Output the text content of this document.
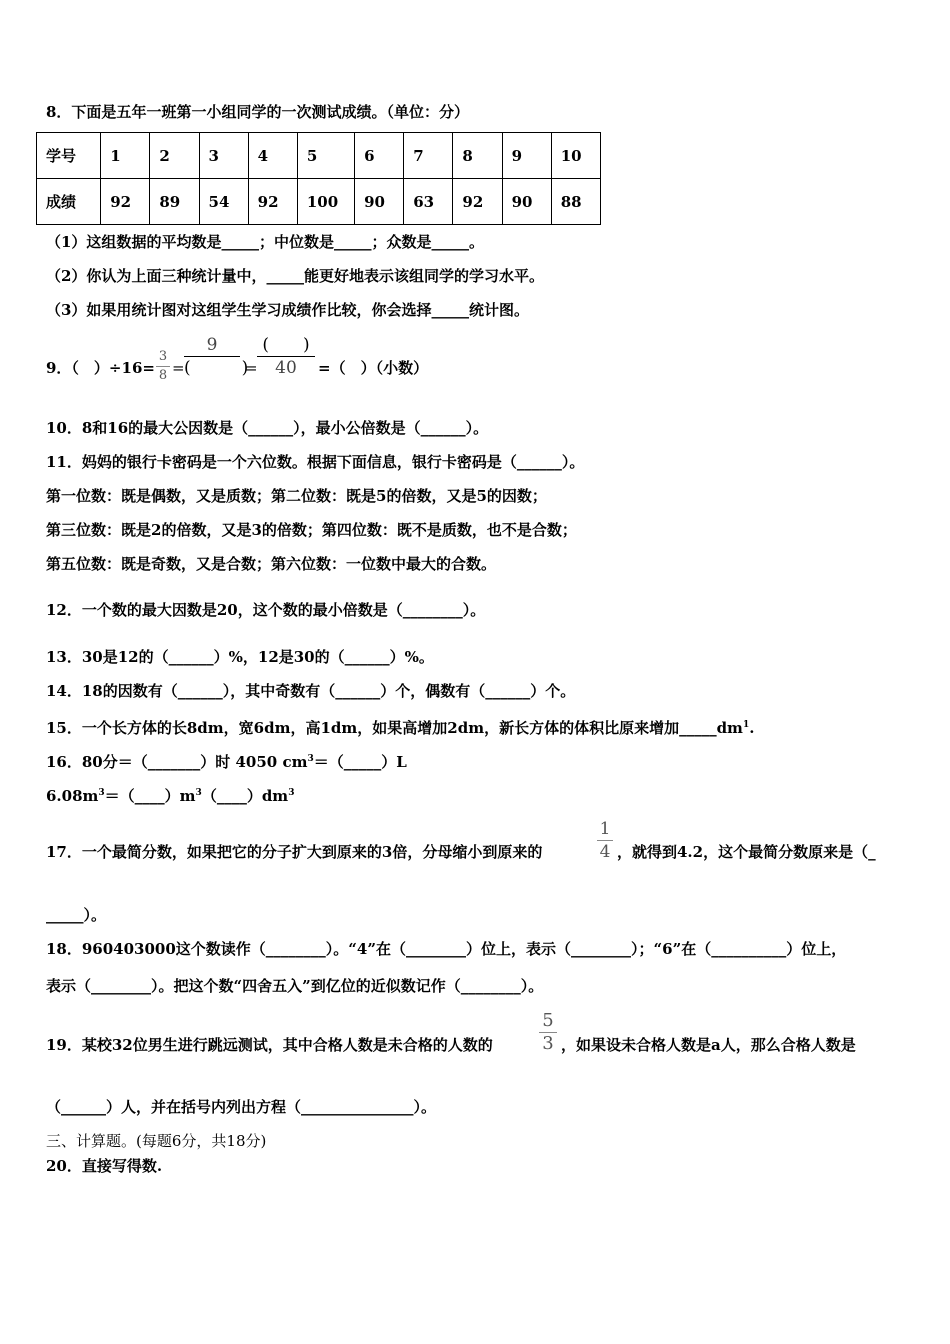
8．下面是五年一班第一小组同学的一次测试成绩。（单位：分）
学号	1	2	3	4	5	6	7	8	9	10
成绩	92	89	54	92	100	90	63	92	90	88
（1）这组数据的平均数是_____；中位数是_____；众数是_____。
（2）你认为上面三种统计量中，_____能更好地表示该组同学的学习水平。
（3）如果用统计图对这组学生学习成绩作比较，你会选择_____统计图。
9．（　）÷16=
3
8 =
9
(　　　)
=
(　　)
40	=（　）（小数）
10．8和16的最大公因数是（______），最小公倍数是（______）。
11．妈妈的银行卡密码是一个六位数。根据下面信息，银行卡密码是（______）。
第一位数：既是偶数，又是质数；第二位数：既是5的倍数，又是5的因数；
第三位数：既是2的倍数，又是3的倍数；第四位数：既不是质数，也不是合数；
第五位数：既是奇数，又是合数；第六位数：一位数中最大的合数。
12．一个数的最大因数是20，这个数的最小倍数是（________）。
13．30是12的（______）%，12是30的（______）%。
14．18的因数有（______），其中奇数有（______）个，偶数有（______）个。
15．一个长方体的长8dm，宽6dm，高1dm，如果高增加2dm，新长方体的体积比原来增加$\_\_\_\_\_dm^1$.
16．80分＝（_______）时 4050 $cm^3=(\_\_\_\_\_)L$
$6.08m^3=(\_\_\_\_)m^3(\_\_\_\_)dm^3$
17．一个最简分数，如果把它的分子扩大到原来的3倍，分母缩小到原来的
1
4 ，就得到4.2，这个最简分数原来是（_
_____）。
18．960403000这个数读作（________）。“4”在（________）位上，表示（________）；“6”在（__________）位上，
表示（________）。把这个数“四舍五入”到亿位的近似数记作（________）。
19．某校32位男生进行跳远测试，其中合格人数是未合格的人数的
5
3 ，如果设未合格人数是a人，那么合格人数是
（______）人，并在括号内列出方程（_______________）。
三、计算题。(每题6分，共18分)
20．直接写得数.
